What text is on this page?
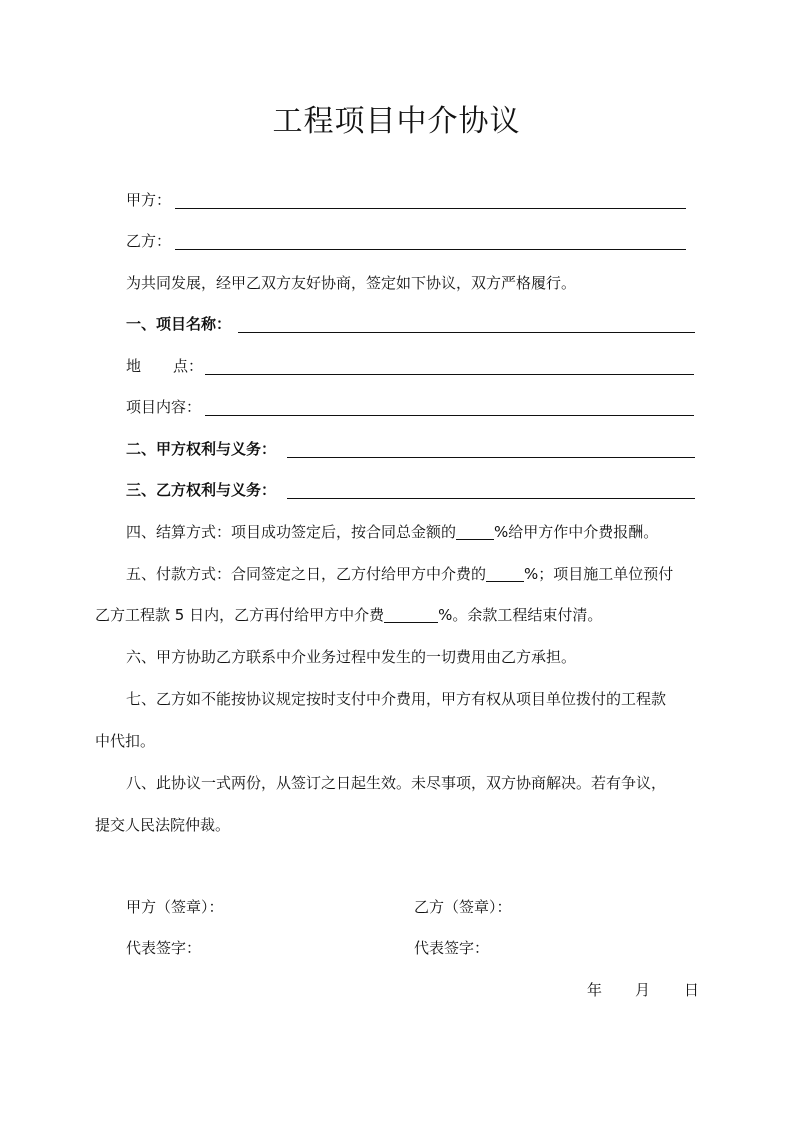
工程项目中介协议
甲方：
乙方：
为共同发展，经甲乙双方友好协商，签定如下协议，双方严格履行。
一、项目名称：
地 点：
项目内容：
二、甲方权利与义务：
三、乙方权利与义务：
四、结算方式：项目成功签定后，按合同总金额的	%给甲方作中介费报酬。
五、付款方式：合同签定之日，乙方付给甲方中介费的	%；项目施工单位预付
乙方工程款 5 日内，乙方再付给甲方中介费	%。余款工程结束付清。
六、甲方协助乙方联系中介业务过程中发生的一切费用由乙方承担。
七、乙方如不能按协议规定按时支付中介费用，甲方有权从项目单位拨付的工程款
中代扣。
八、此协议一式两份，从签订之日起生效。未尽事项，双方协商解决。若有争议，
提交人民法院仲裁。
甲方（签章）：	乙方（签章）：
代表签字：	代表签字：
年 月 日
